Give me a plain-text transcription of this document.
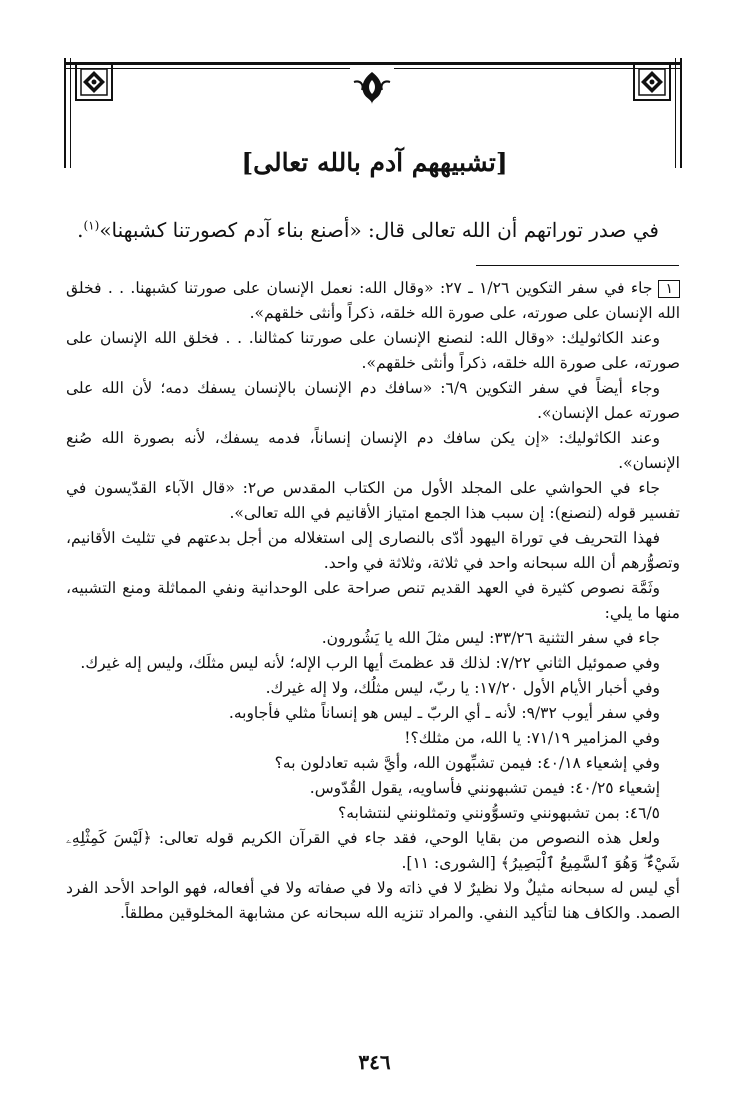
[تشبيههم آدم بالله تعالى]
في صدر توراتهم أن الله تعالى قال: «أصنع بناء آدم كصورتنا كشبهنا»$^{(١)}$.

١جاء في سفر التكوين ١/٢٦ ـ ٢٧: «وقال الله: نعمل الإنسان على صورتنا كشبهنا. . . فخلق الله الإنسان على صورته، على صورة الله خلقه، ذكراً وأنثى خلقهم».

وعند الكاثوليك: «وقال الله: لنصنع الإنسان على صورتنا كمثالنا. . . فخلق الله الإنسان على صورته، على صورة الله خلقه، ذكراً وأنثى خلقهم».

وجاء أيضاً في سفر التكوين ٦/٩: «سافك دم الإنسان بالإنسان يسفك دمه؛ لأن الله على صورته عمل الإنسان».

وعند الكاثوليك: «إن يكن سافك دم الإنسان إنساناً، فدمه يسفك، لأنه بصورة الله صُنع الإنسان».

جاء في الحواشي على المجلد الأول من الكتاب المقدس ص٢: «قال الآباء القدّيسون في تفسير قوله (لنصنع): إن سبب هذا الجمع امتياز الأقانيم في الله تعالى».

فهذا التحريف في توراة اليهود أدّى بالنصارى إلى استغلاله من أجل بدعتهم في تثليث الأقانيم، وتصوُّرهم أن الله سبحانه واحد في ثلاثة، وثلاثة في واحد.

وثَمَّة نصوص كثيرة في العهد القديم تنص صراحة على الوحدانية ونفي المماثلة ومنع التشبيه، منها ما يلي:

جاء في سفر التثنية ٣٣/٢٦: ليس مثلَ الله يا يَشُورون.

وفي صموئيل الثاني ٧/٢٢: لذلك قد عظمتَ أيها الرب الإله؛ لأنه ليس مثلَك، وليس إله غيرك.

وفي أخبار الأيام الأول ١٧/٢٠: يا ربّ، ليس مثلُك، ولا إله غيرك.

وفي سفر أيوب ٩/٣٢: لأنه ـ أي الربّ ـ ليس هو إنساناً مثلي فأجاوبه.

وفي المزامير ٧١/١٩: يا الله، من مثلك؟!

وفي إشعياء ٤٠/١٨: فيمن تشبِّهون الله، وأيَّ شبه تعادلون به؟

إشعياء ٤٠/٢٥: فيمن تشبهونني فأساويه، يقول القُدّوس.

٤٦/٥: بمن تشبهونني وتسوُّونني وتمثلونني لنتشابه؟

ولعل هذه النصوص من بقايا الوحي، فقد جاء في القرآن الكريم قوله تعالى: ﴿لَيْسَ كَمِثْلِهِۦ شَيْءٌ ۖ وَهُوَ ٱلسَّمِيعُ ٱلْبَصِيرُ﴾ [الشورى: ١١].

أي ليس له سبحانه مثيلٌ ولا نظيرٌ لا في ذاته ولا في صفاته ولا في أفعاله، فهو الواحد الأحد الفرد الصمد. والكاف هنا لتأكيد النفي. والمراد تنزيه الله سبحانه عن مشابهة المخلوقين مطلقاً.

٣٤٦
